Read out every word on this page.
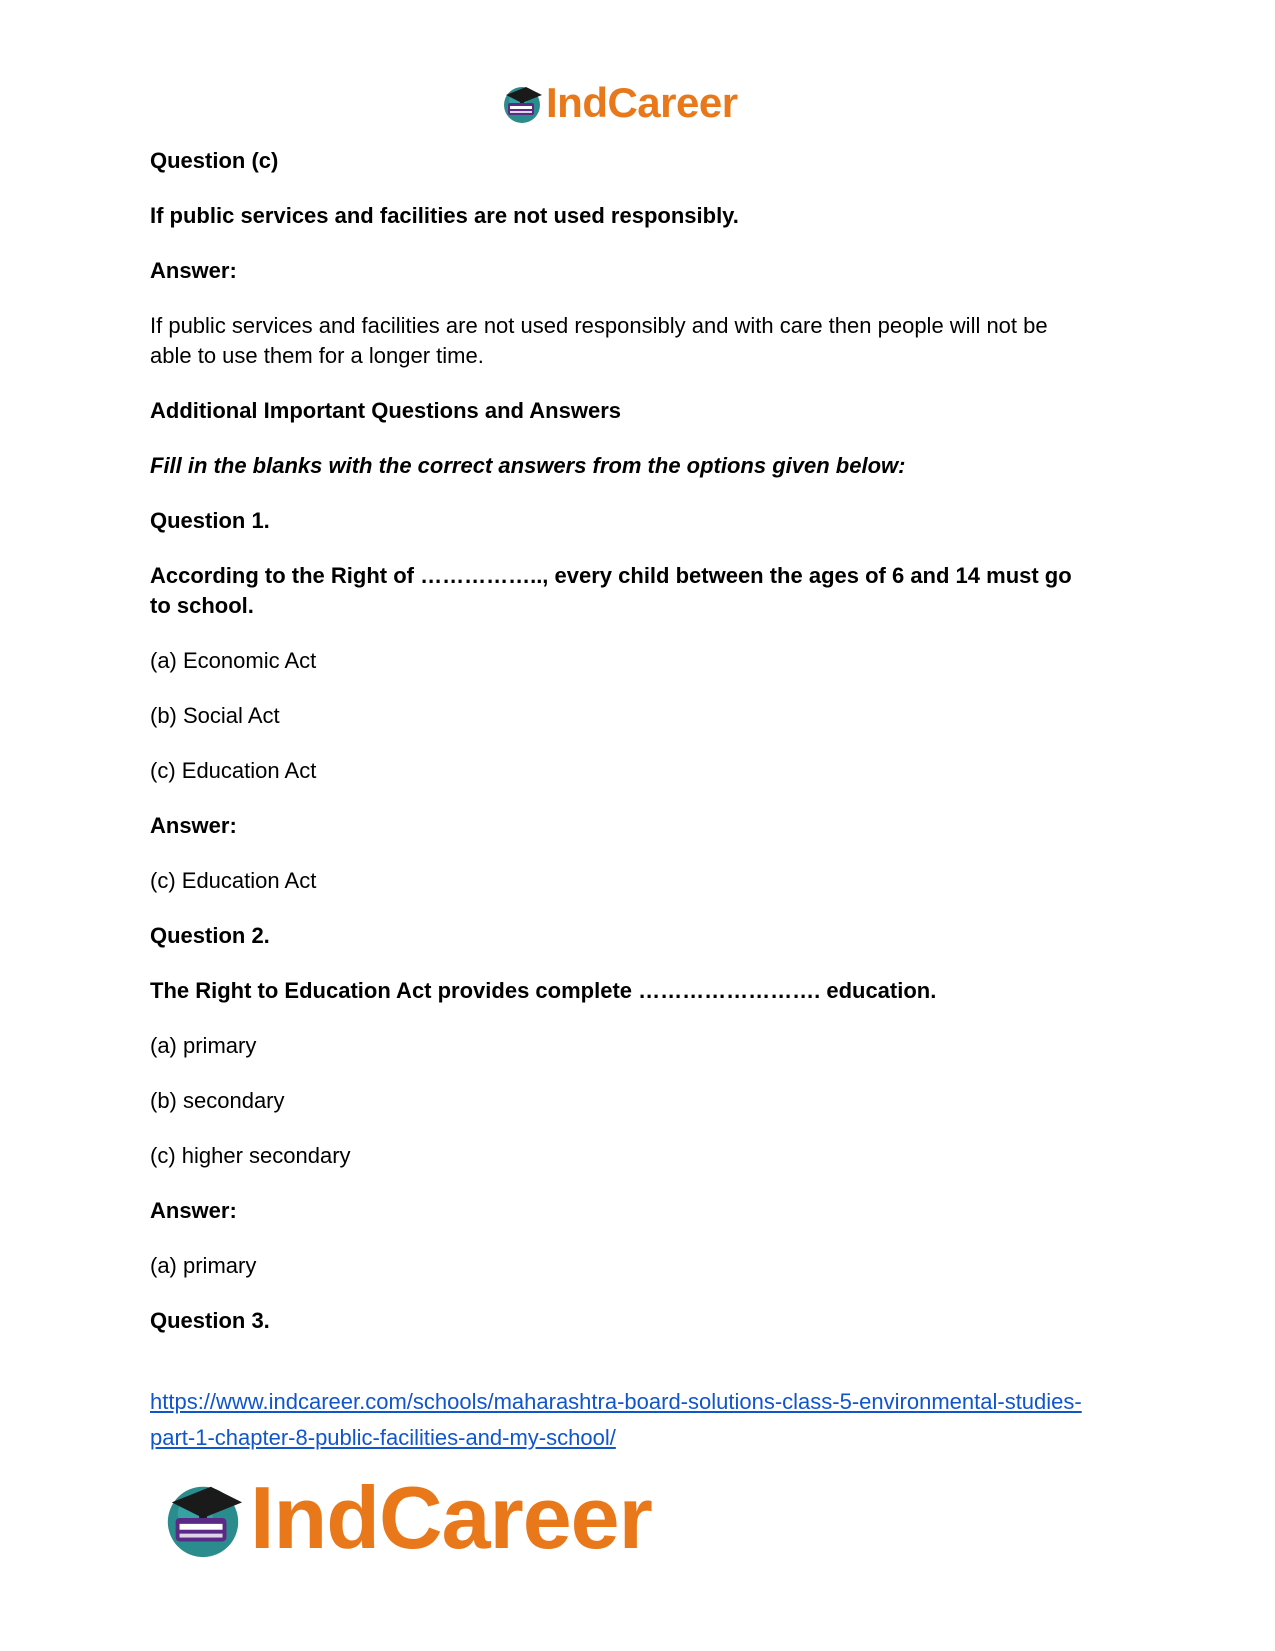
IndCareer

Question (c)

If public services and facilities are not used responsibly.

Answer:

If public services and facilities are not used responsibly and with care then people will not be

able to use them for a longer time.

Additional Important Questions and Answers

Fill in the blanks with the correct answers from the options given below:

Question 1.

According to the Right of …………….., every child between the ages of 6 and 14 must go

to school.

(a) Economic Act

(b) Social Act

(c) Education Act

Answer:

(c) Education Act

Question 2.

The Right to Education Act provides complete ……………………. education.

(a) primary

(b) secondary

(c) higher secondary

Answer:

(a) primary

Question 3.

https://www.indcareer.com/schools/maharashtra-board-solutions-class-5-environmental-studies-
part-1-chapter-8-public-facilities-and-my-school/
IndCareer
